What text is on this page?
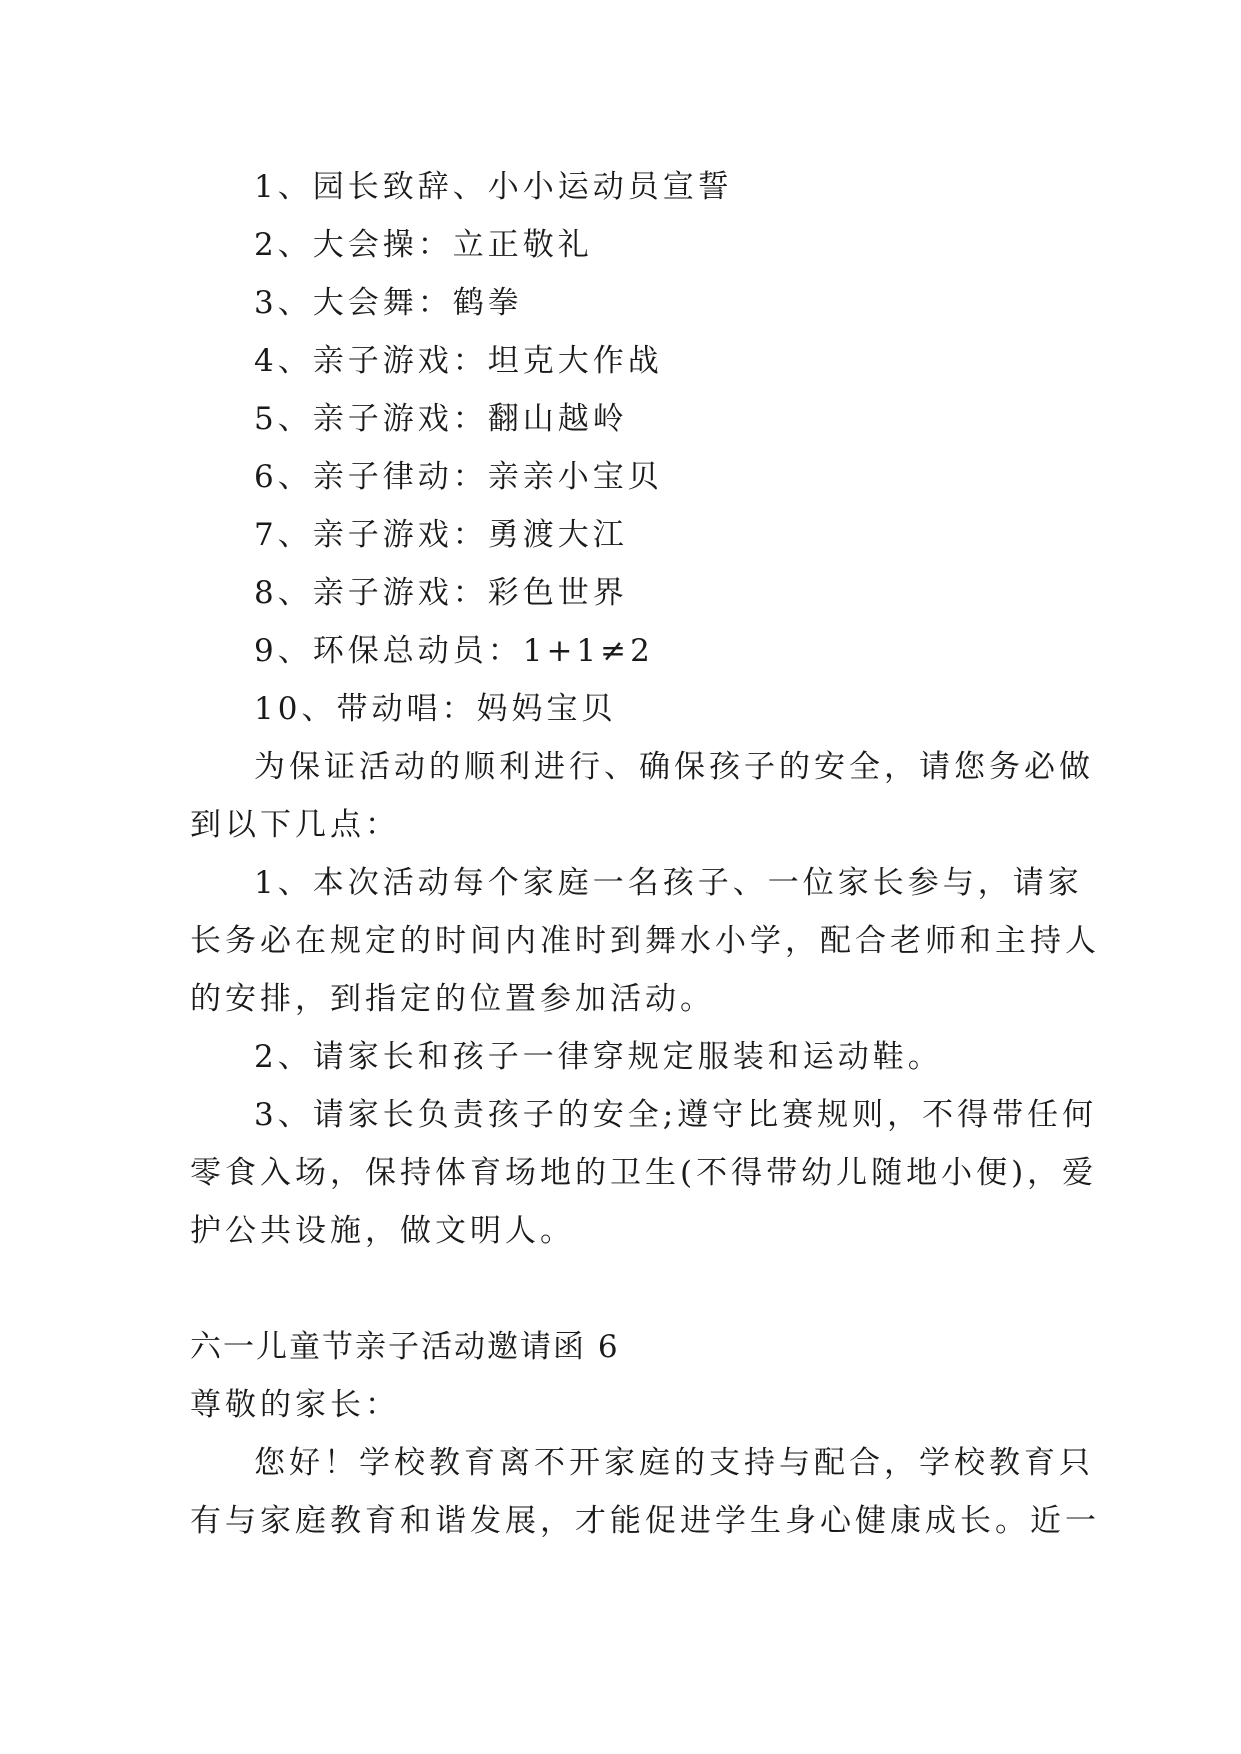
1、园长致辞、小小运动员宣誓
2、大会操：立正敬礼
3、大会舞：鹤拳
4、亲子游戏：坦克大作战
5、亲子游戏：翻山越岭
6、亲子律动：亲亲小宝贝
7、亲子游戏：勇渡大江
8、亲子游戏：彩色世界
9、环保总动员：1+1≠2
10、带动唱：妈妈宝贝
为保证活动的顺利进行、确保孩子的安全，请您务必做
到以下几点：
1、本次活动每个家庭一名孩子、一位家长参与，请家
长务必在规定的时间内准时到舞水小学，配合老师和主持人
的安排，到指定的位置参加活动。
2、请家长和孩子一律穿规定服装和运动鞋。
3、请家长负责孩子的安全;遵守比赛规则，不得带任何
零食入场，保持体育场地的卫生(不得带幼儿随地小便)，爱
护公共设施，做文明人。
六一儿童节亲子活动邀请函 6
尊敬的家长：
您好！学校教育离不开家庭的支持与配合，学校教育只
有与家庭教育和谐发展，才能促进学生身心健康成长。近一
